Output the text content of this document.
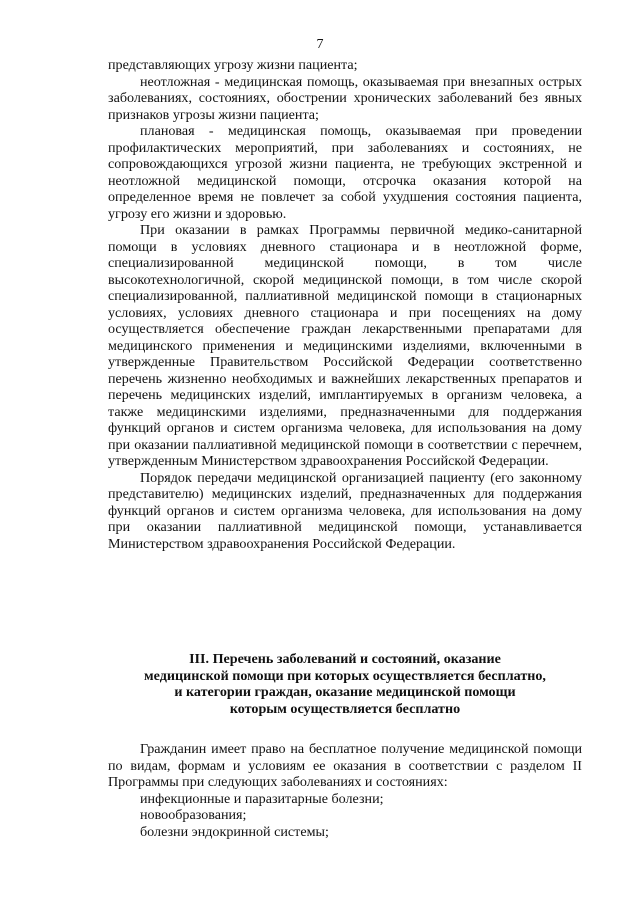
7

представляющих угрозу жизни пациента;

неотложная - медицинская помощь, оказываемая при внезапных острых заболеваниях, состояниях, обострении хронических заболеваний без явных признаков угрозы жизни пациента;

плановая - медицинская помощь, оказываемая при проведении профилактических мероприятий, при заболеваниях и состояниях, не сопровождающихся угрозой жизни пациента, не требующих экстренной и неотложной медицинской помощи, отсрочка оказания которой на определенное время не повлечет за собой ухудшения состояния пациента, угрозу его жизни и здоровью.

При оказании в рамках Программы первичной медико-санитарной помощи в условиях дневного стационара и в неотложной форме, специализированной медицинской помощи, в том числе высокотехнологичной, скорой медицинской помощи, в том числе скорой специализированной, паллиативной медицинской помощи в стационарных условиях, условиях дневного стационара и при посещениях на дому осуществляется обеспечение граждан лекарственными препаратами для медицинского применения и медицинскими изделиями, включенными в утвержденные Правительством Российской Федерации соответственно перечень жизненно необходимых и важнейших лекарственных препаратов и перечень медицинских изделий, имплантируемых в организм человека, а также медицинскими изделиями, предназначенными для поддержания функций органов и систем организма человека, для использования на дому при оказании паллиативной медицинской помощи в соответствии с перечнем, утвержденным Министерством здравоохранения Российской Федерации.

Порядок передачи медицинской организацией пациенту (его законному представителю) медицинских изделий, предназначенных для поддержания функций органов и систем организма человека, для использования на дому при оказании паллиативной медицинской помощи, устанавливается Министерством здравоохранения Российской Федерации.

III. Перечень заболеваний и состояний, оказание
медицинской помощи при которых осуществляется бесплатно,
и категории граждан, оказание медицинской помощи
которым осуществляется бесплатно

Гражданин имеет право на бесплатное получение медицинской помощи по видам, формам и условиям ее оказания в соответствии с разделом II Программы при следующих заболеваниях и состояниях:

инфекционные и паразитарные болезни;

новообразования;

болезни эндокринной системы;
